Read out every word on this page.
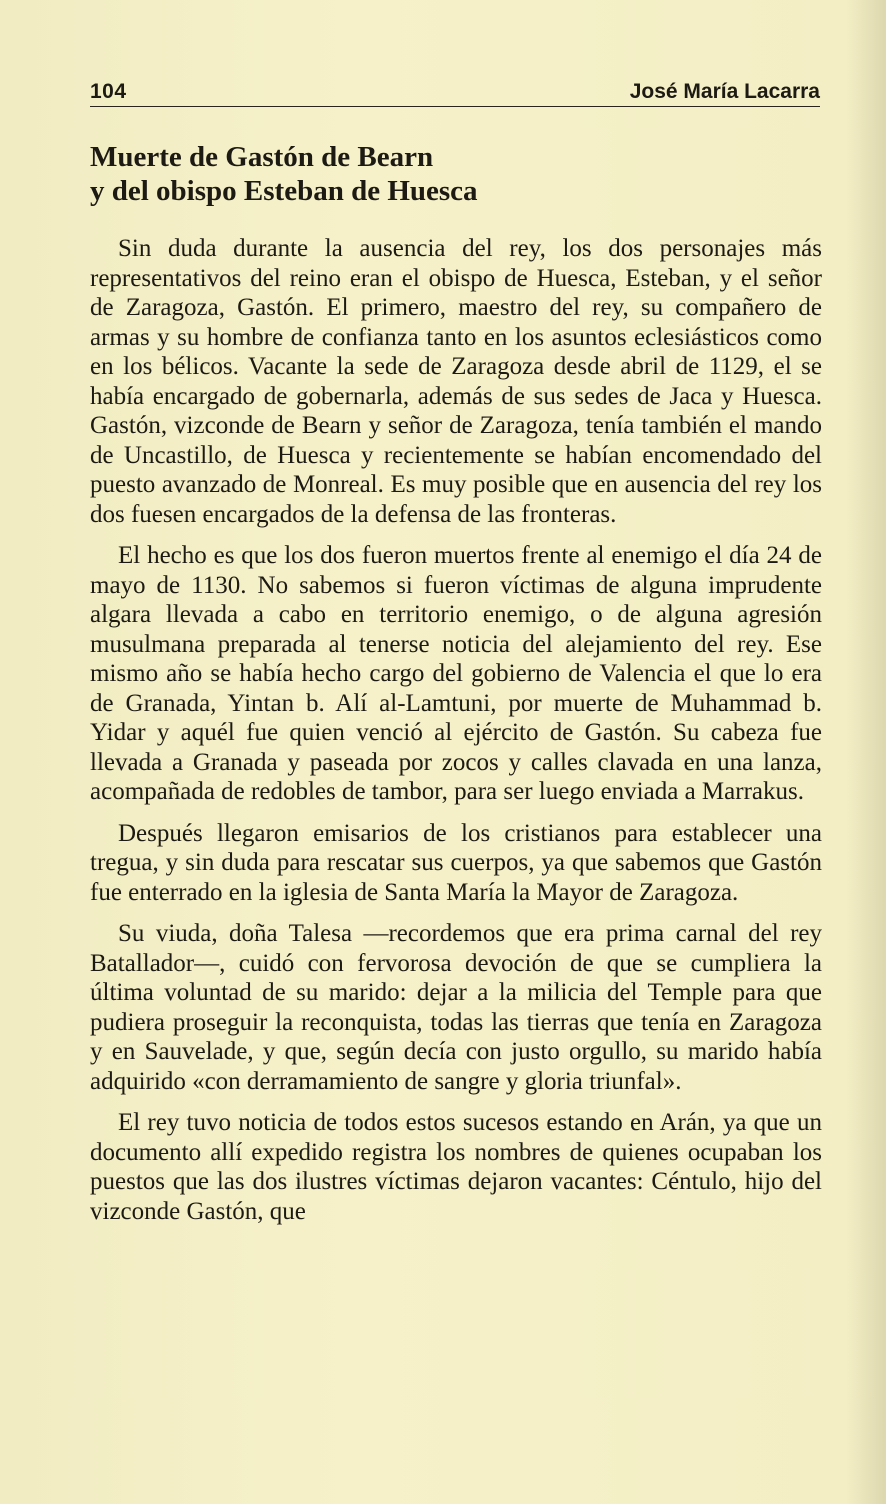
104	José María Lacarra
Muerte de Gastón de Bearn
y del obispo Esteban de Huesca

Sin duda durante la ausencia del rey, los dos personajes más representativos del reino eran el obispo de Huesca, Esteban, y el señor de Zaragoza, Gastón. El primero, maestro del rey, su compañero de armas y su hombre de confianza tanto en los asuntos eclesiásticos como en los bélicos. Vacante la sede de Zaragoza desde abril de 1129, el se había encargado de gobernarla, además de sus sedes de Jaca y Huesca. Gastón, vizconde de Bearn y señor de Zaragoza, tenía también el mando de Uncastillo, de Huesca y recientemente se habían encomendado del puesto avanzado de Monreal. Es muy posible que en ausencia del rey los dos fuesen encargados de la defensa de las fronteras.

El hecho es que los dos fueron muertos frente al enemigo el día 24 de mayo de 1130. No sabemos si fueron víctimas de alguna imprudente algara llevada a cabo en territorio enemigo, o de alguna agresión musulmana preparada al tenerse noticia del alejamiento del rey. Ese mismo año se había hecho cargo del gobierno de Valencia el que lo era de Granada, Yintan b. Alí al-Lamtuni, por muerte de Muhammad b. Yidar y aquél fue quien venció al ejército de Gastón. Su cabeza fue llevada a Granada y paseada por zocos y calles clavada en una lanza, acompañada de redobles de tambor, para ser luego enviada a Marrakus.

Después llegaron emisarios de los cristianos para establecer una tregua, y sin duda para rescatar sus cuerpos, ya que sabemos que Gastón fue enterrado en la iglesia de Santa María la Mayor de Zaragoza.

Su viuda, doña Talesa —recordemos que era prima carnal del rey Batallador—, cuidó con fervorosa devoción de que se cumpliera la última voluntad de su marido: dejar a la milicia del Temple para que pudiera proseguir la reconquista, todas las tierras que tenía en Zaragoza y en Sauvelade, y que, según decía con justo orgullo, su marido había adquirido «con derramamiento de sangre y gloria triunfal».

El rey tuvo noticia de todos estos sucesos estando en Arán, ya que un documento allí expedido registra los nombres de quienes ocupaban los puestos que las dos ilustres víctimas dejaron vacantes: Céntulo, hijo del vizconde Gastón, que
